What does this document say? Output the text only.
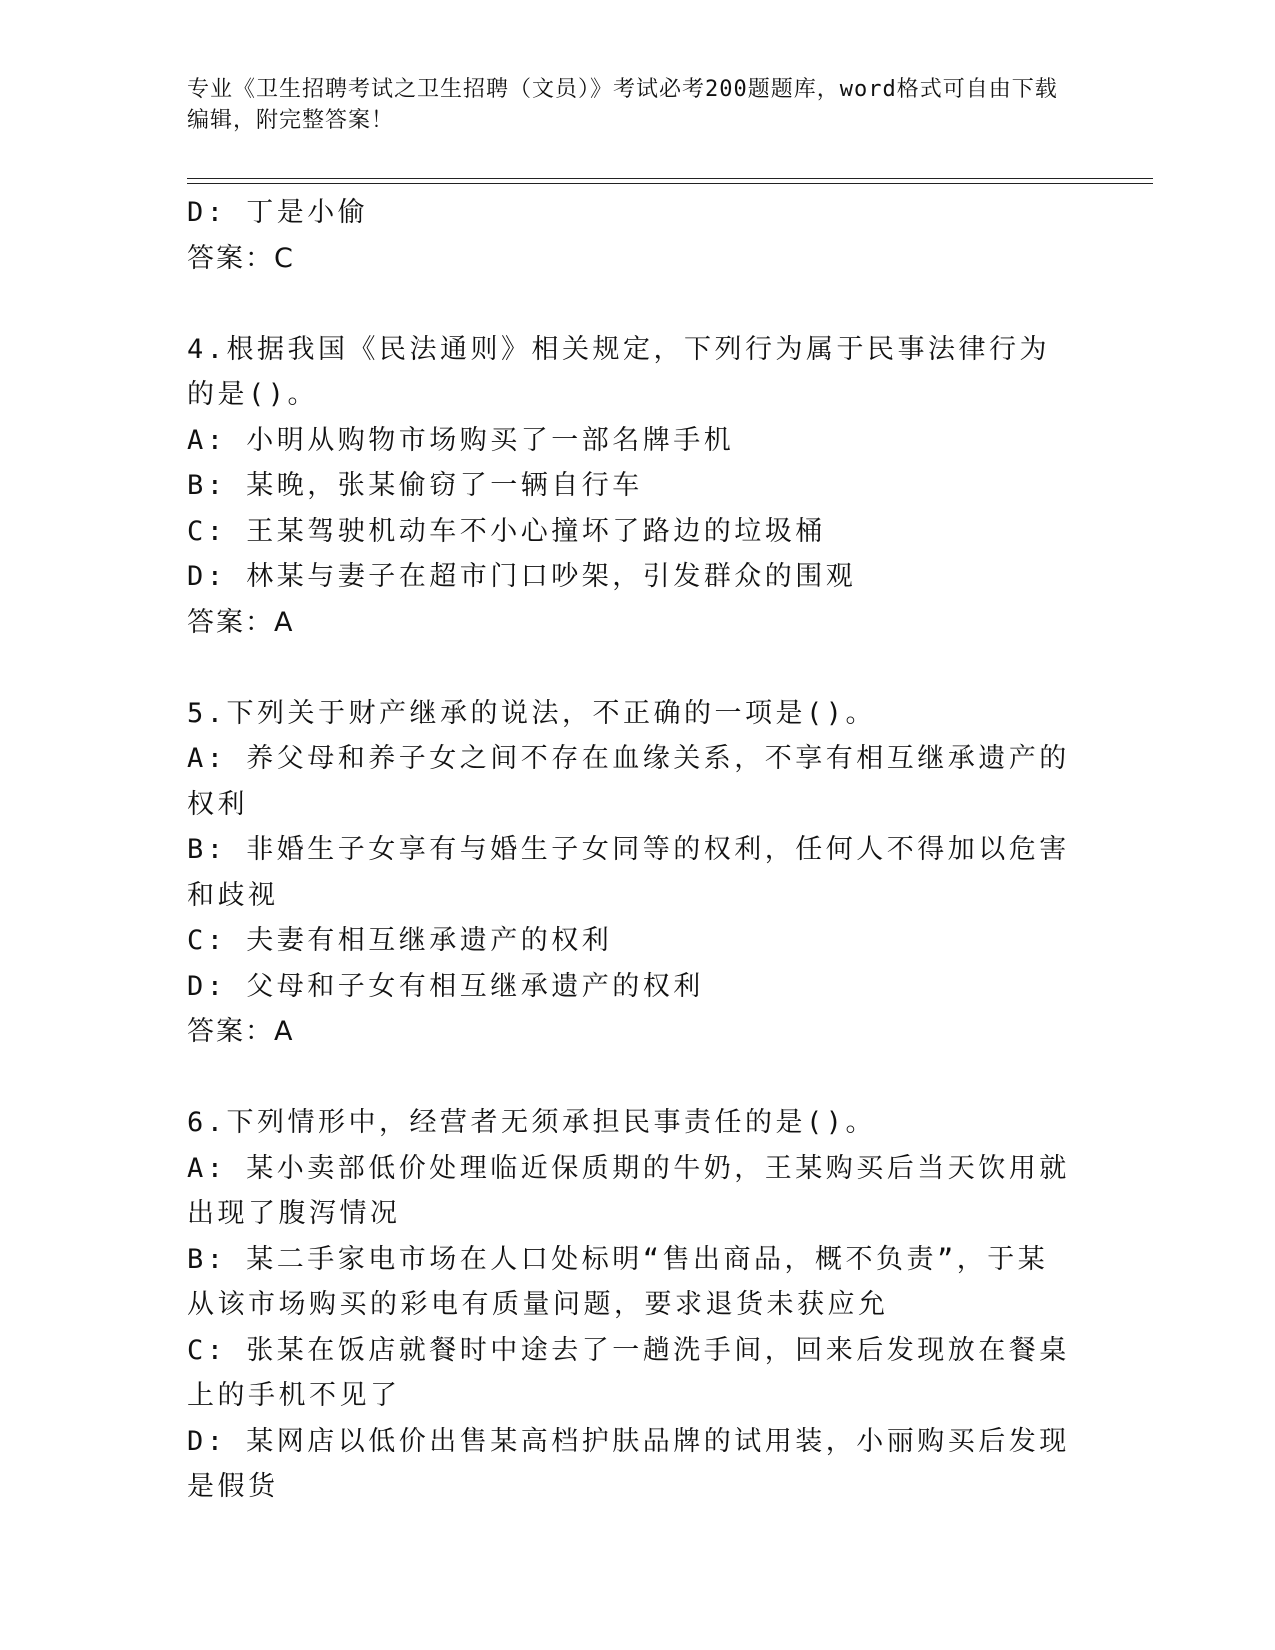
专业《卫生招聘考试之卫生招聘（文员）》考试必考200题题库，word格式可自由下载编辑，附完整答案！
D: 丁是小偷
答案：C
4.根据我国《民法通则》相关规定，下列行为属于民事法律行为的是()。
A: 小明从购物市场购买了一部名牌手机
B: 某晚，张某偷窃了一辆自行车
C: 王某驾驶机动车不小心撞坏了路边的垃圾桶
D: 林某与妻子在超市门口吵架，引发群众的围观
答案：A
5.下列关于财产继承的说法，不正确的一项是()。
A: 养父母和养子女之间不存在血缘关系，不享有相互继承遗产的权利
B: 非婚生子女享有与婚生子女同等的权利，任何人不得加以危害和歧视
C: 夫妻有相互继承遗产的权利
D: 父母和子女有相互继承遗产的权利
答案：A
6.下列情形中，经营者无须承担民事责任的是()。
A: 某小卖部低价处理临近保质期的牛奶，王某购买后当天饮用就出现了腹泻情况
B: 某二手家电市场在人口处标明“售出商品，概不负责”，于某从该市场购买的彩电有质量问题，要求退货未获应允
C: 张某在饭店就餐时中途去了一趟洗手间，回来后发现放在餐桌上的手机不见了
D: 某网店以低价出售某高档护肤品牌的试用装，小丽购买后发现是假货
